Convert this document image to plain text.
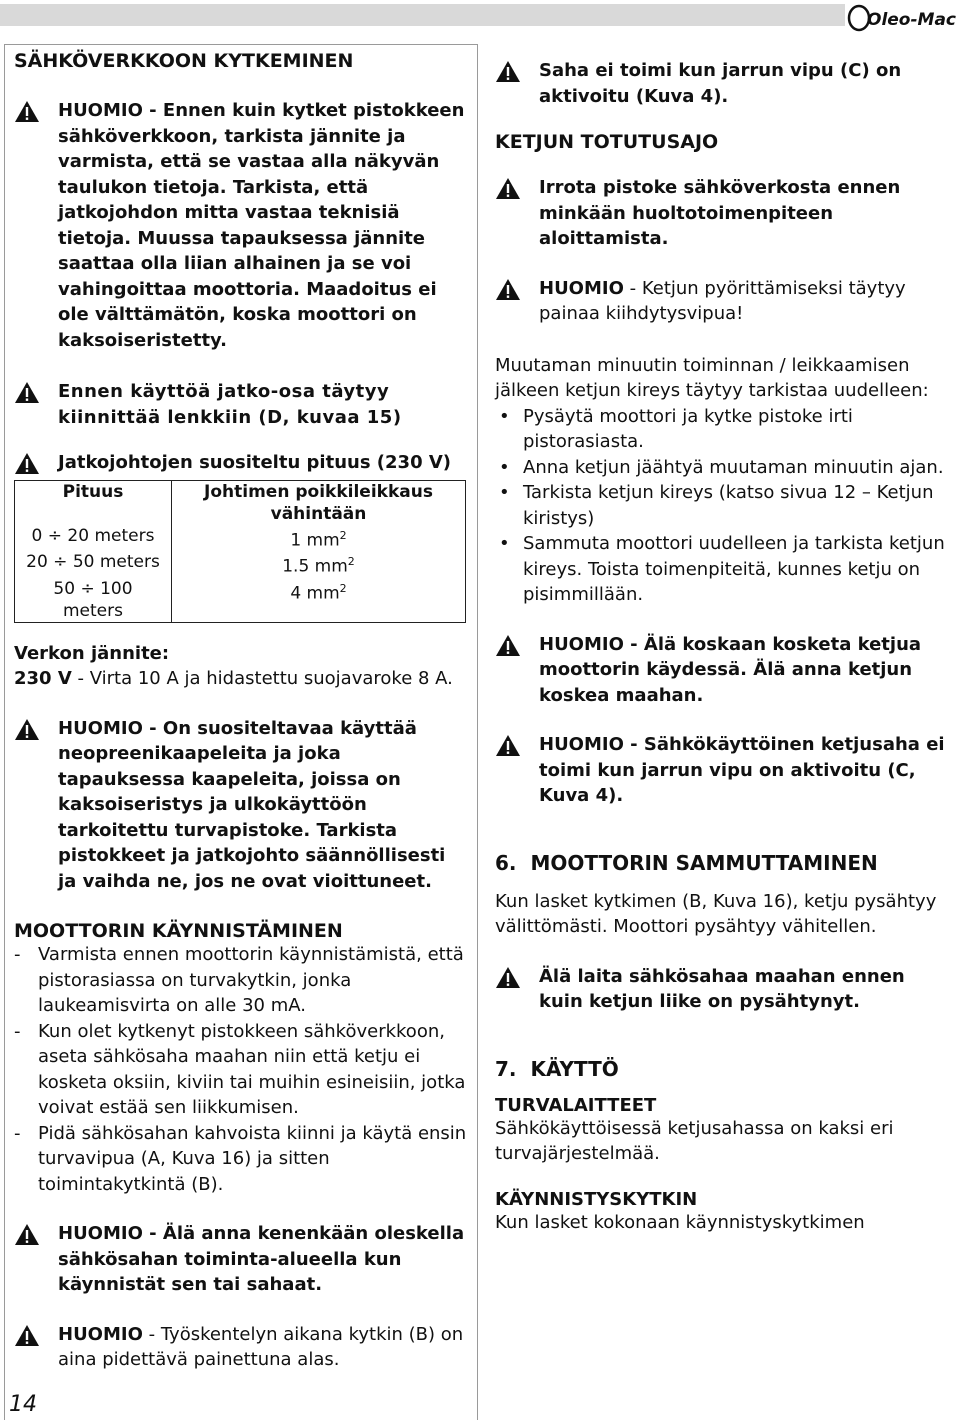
Oleo-Mac
SÄHKÖVERKKOON KYTKEMINEN
HUOMIO - Ennen kuin kytket pistokkeen sähköverkkoon, tarkista jännite ja varmista, että se vastaa alla näkyvän taulukon tietoja. Tarkista, että jatkojohdon mitta vastaa teknisiä tietoja. Muussa tapauksessa jännite saattaa olla liian alhainen ja se voi vahingoittaa moottoria. Maadoitus ei ole välttämätön, koska moottori on kaksoiseristetty.
Ennen käyttöä jatko-osa täytyy kiinnittää lenkkiin (D, kuvaa 15)
Jatkojohtojen suositeltu pituus (230 V)
Pituus	Johtimen poikkileikkaus vähintään
0 ÷ 20 meters	1 $mm^2$
20 ÷ 50 meters	1.5 $mm^2$
50 ÷ 100 meters	4 $mm^2$
Verkon jännite:
230 V - Virta 10 A ja hidastettu suojavaroke 8 A.
HUOMIO - On suositeltavaa käyttää neopreenikaapeleita ja joka tapauksessa kaapeleita, joissa on kaksoiseristys ja ulkokäyttöön tarkoitettu turvapistoke. Tarkista pistokkeet ja jatkojohto säännöllisesti ja vaihda ne, jos ne ovat vioittuneet.
MOOTTORIN KÄYNNISTÄMINEN
- Varmista ennen moottorin käynnistämistä, että pistorasiassa on turvakytkin, jonka laukeamisvirta on alle 30 mA.
- Kun olet kytkenyt pistokkeen sähköverkkoon, aseta sähkösaha maahan niin että ketju ei kosketa oksiin, kiviin tai muihin esineisiin, jotka voivat estää sen liikkumisen.
- Pidä sähkösahan kahvoista kiinni ja käytä ensin turvavipua (A, Kuva 16) ja sitten toimintakytkintä (B).
HUOMIO - Älä anna kenenkään oleskella sähkösahan toiminta-alueella kun käynnistät sen tai sahaat.
HUOMIO - Työskentelyn aikana kytkin (B) on aina pidettävä painettuna alas.
Saha ei toimi kun jarrun vipu (C) on aktivoitu (Kuva 4).
KETJUN TOTUTUSAJO
Irrota pistoke sähköverkosta ennen minkään huoltotoimenpiteen aloittamista.
HUOMIO - Ketjun pyörittämiseksi täytyy painaa kiihdytysvipua!
Muutaman minuutin toiminnan / leikkaamisen jälkeen ketjun kireys täytyy tarkistaa uudelleen:
• Pysäytä moottori ja kytke pistoke irti pistorasiasta.
• Anna ketjun jäähtyä muutaman minuutin ajan.
• Tarkista ketjun kireys (katso sivua 12 – Ketjun kiristys)
• Sammuta moottori uudelleen ja tarkista ketjun kireys. Toista toimenpiteitä, kunnes ketju on pisimmillään.
HUOMIO - Älä koskaan kosketa ketjua moottorin käydessä. Älä anna ketjun koskea maahan.
HUOMIO - Sähkökäyttöinen ketjusaha ei toimi kun jarrun vipu on aktivoitu (C, Kuva 4).
6.  MOOTTORIN SAMMUTTAMINEN
Kun lasket kytkimen (B, Kuva 16), ketju pysähtyy välittömästi. Moottori pysähtyy vähitellen.
Älä laita sähkösahaa maahan ennen kuin ketjun liike on pysähtynyt.
7.  KÄYTTÖ
TURVALAITTEET
Sähkökäyttöisessä ketjusahassa on kaksi eri turvajärjestelmää.
KÄYNNISTYSKYTKIN
Kun lasket kokonaan käynnistyskytkimen
14
